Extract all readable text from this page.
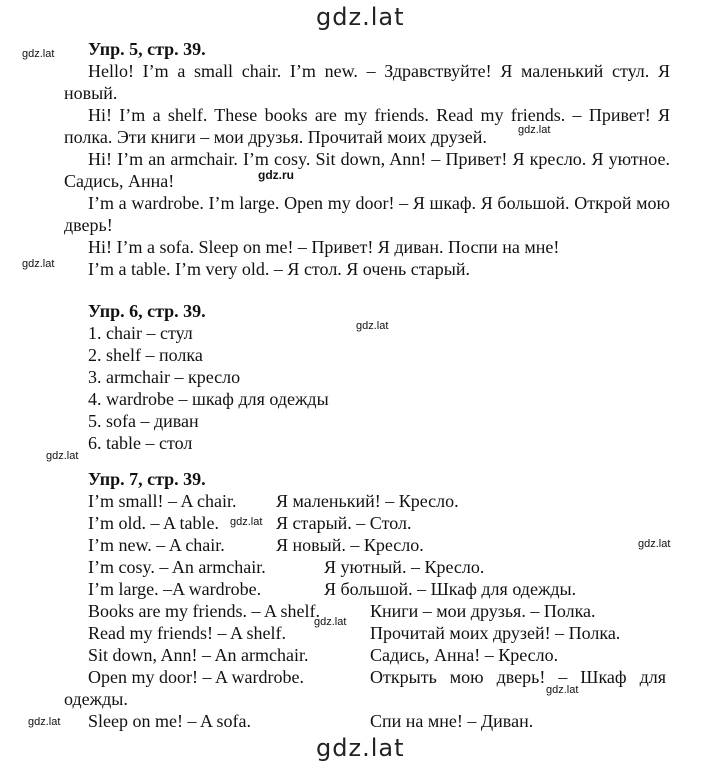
gdz.lat
gdz.lat
gdz.lat
gdz.lat
gdz.ru
gdz.lat
gdz.lat
gdz.lat
gdz.lat
gdz.lat
gdz.lat
gdz.lat
gdz.lat
Упр. 5, стр. 39.
Hello! I’m a small chair. I’m new. – Здравствуйте! Я маленький стул. Я новый.
Hi! I’m a shelf. These books are my friends. Read my friends. – Привет! Я полка. Эти книги – мои друзья. Прочитай моих друзей.
Hi! I’m an armchair. I’m cosy. Sit down, Ann! – Привет! Я кресло. Я уютное. Садись, Анна!
I’m a wardrobe. I’m large. Open my door! – Я шкаф. Я большой. Открой мою дверь!
Hi! I’m a sofa. Sleep on me! – Привет! Я диван. Поспи на мне!
I’m a table. I’m very old. – Я стол. Я очень старый.
Упр. 6, стр. 39.
1. chair – стул
2. shelf – полка
3. armchair – кресло
4. wardrobe – шкаф для одежды
5. sofa – диван
6. table – стол
Упр. 7, стр. 39.
I’m small! – A chair. Я маленький! – Кресло.
I’m old. – A table.	Я старый. – Стол.
I’m new. – A chair.	Я новый. – Кресло.
I’m cosy. – An armchair.	Я уютный. – Кресло.
I’m large. –A wardrobe.	Я большой. – Шкаф для одежды.
Books are my friends. – A shelf.	Книги – мои друзья. – Полка.
Read my friends! – A shelf.	Прочитай моих друзей! – Полка.
Sit down, Ann! – An armchair.	Садись, Анна! – Кресло.
Open my door! – A wardrobe.	Открыть мою дверь! – Шкаф для
одежды.
Sleep on me! – A sofa.	Спи на мне! – Диван.
